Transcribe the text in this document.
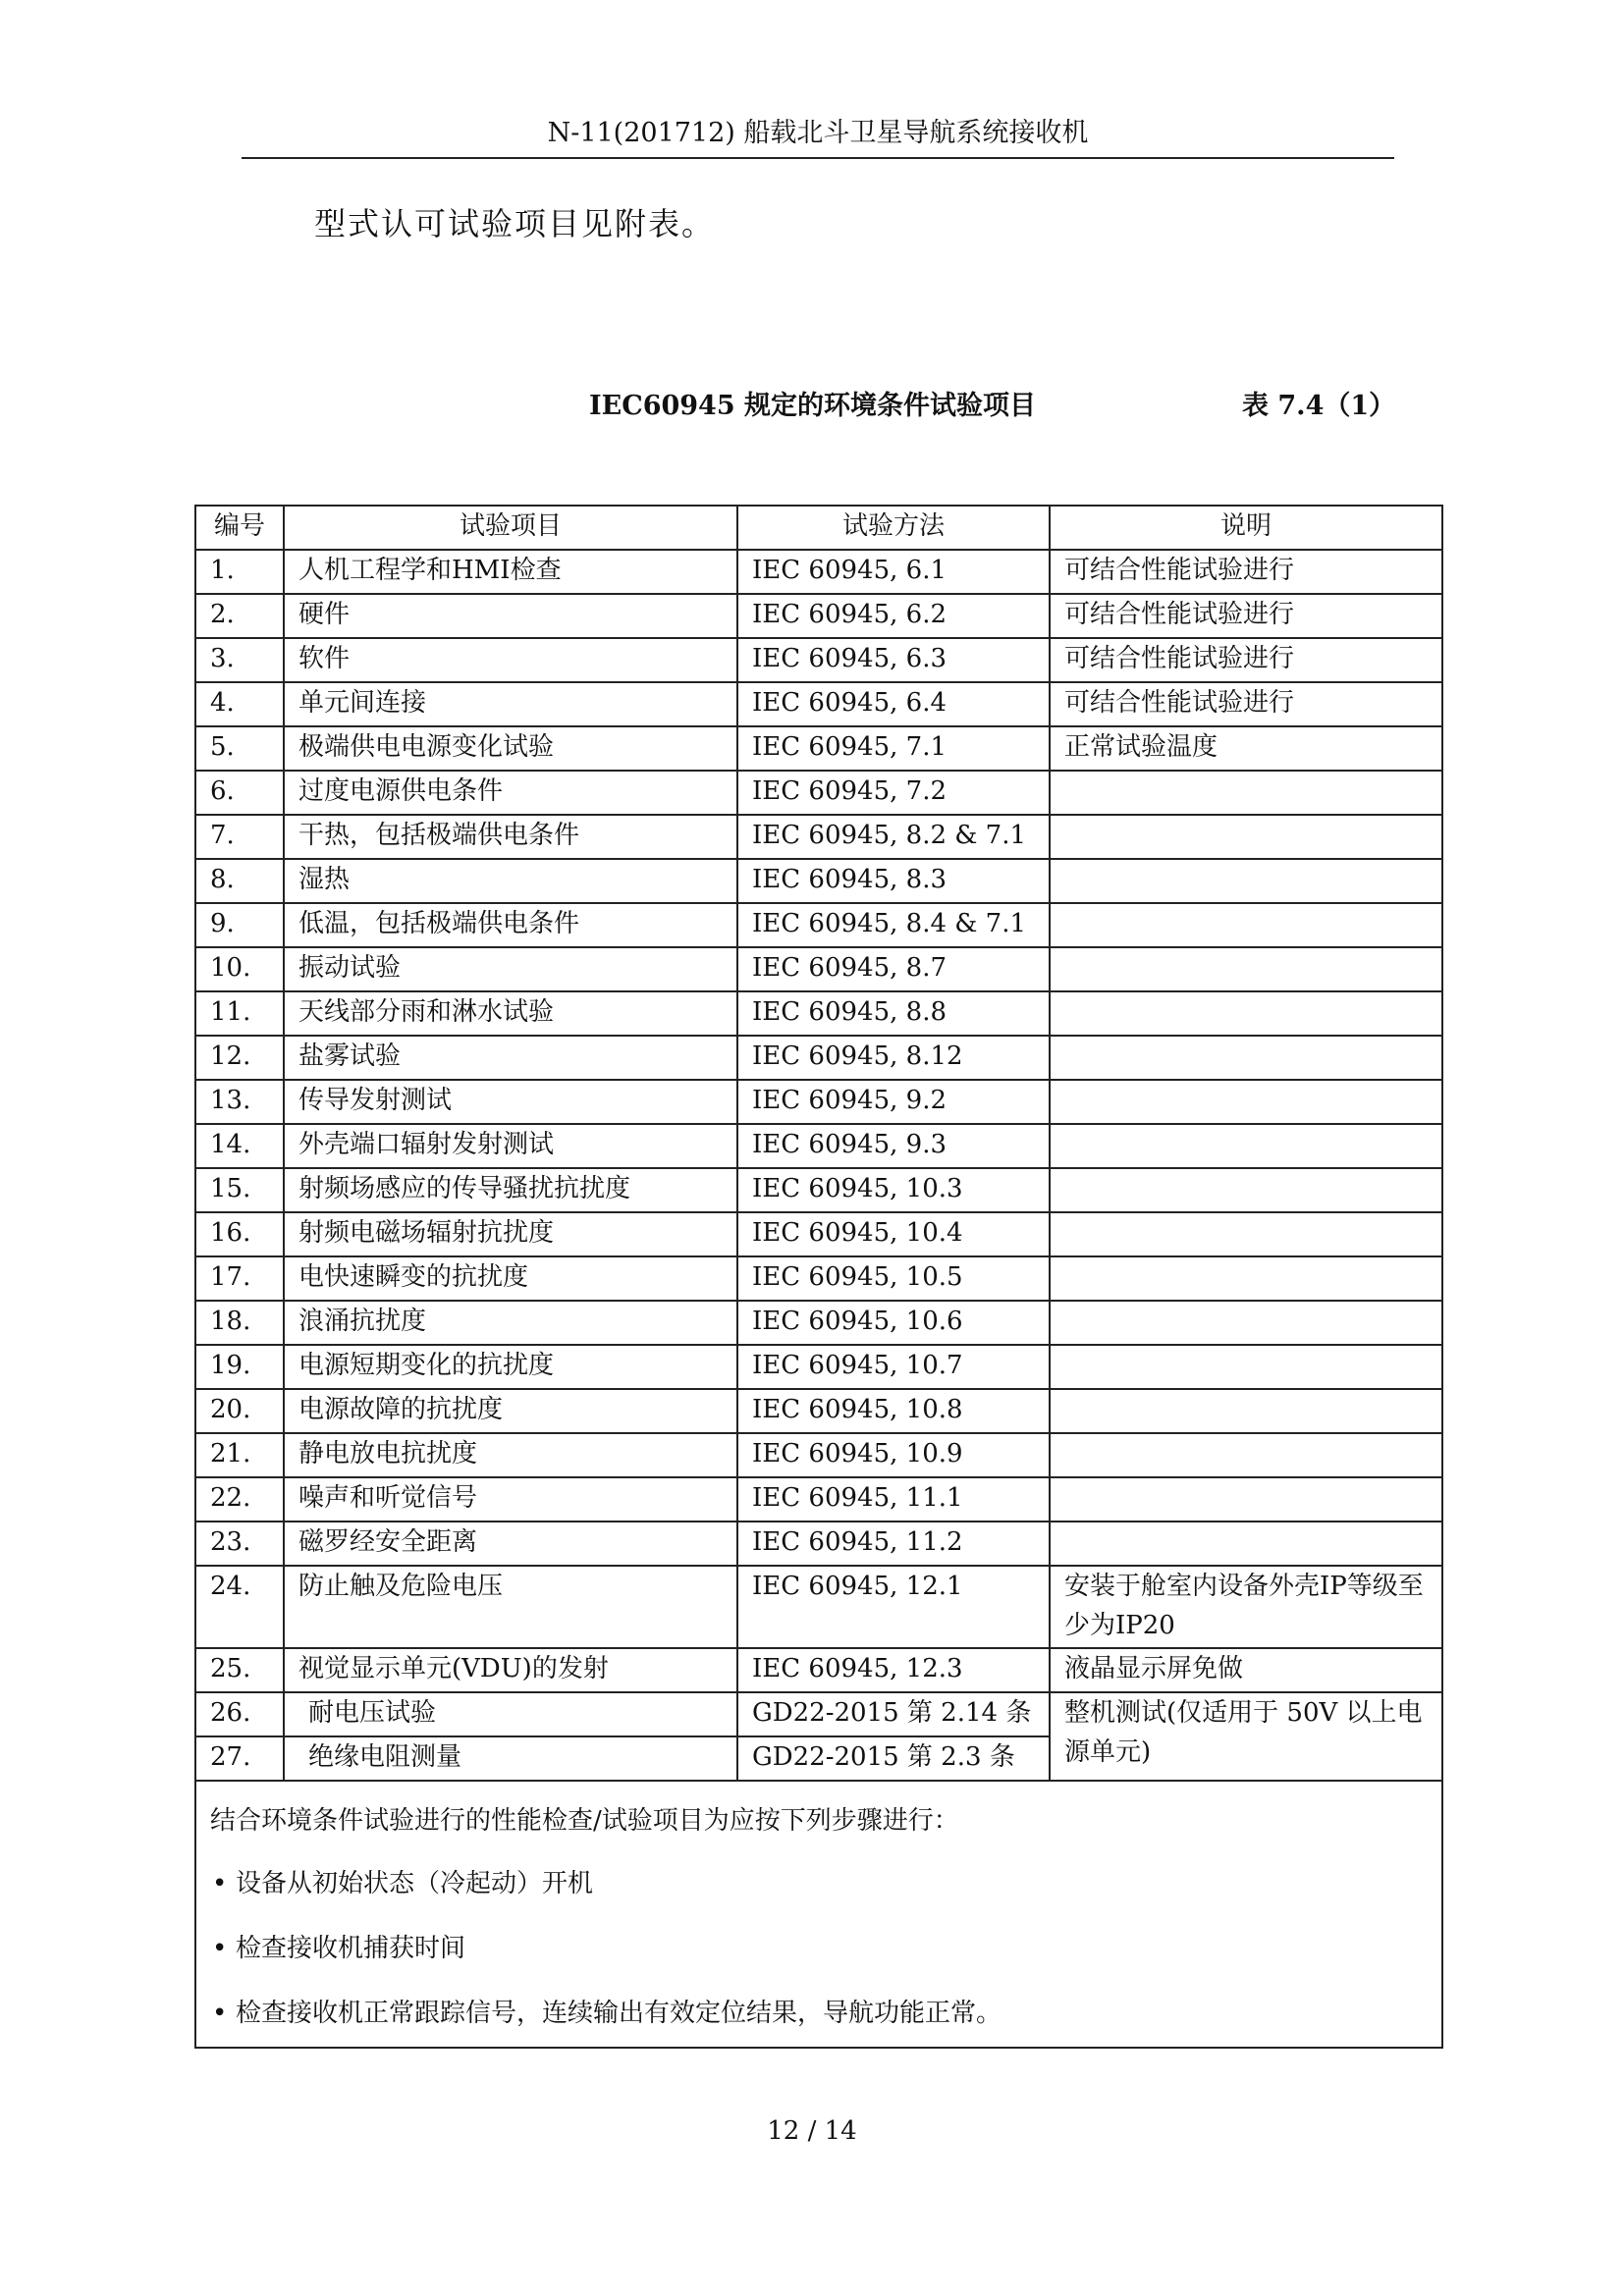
N-11(201712) 船载北斗卫星导航系统接收机
型式认可试验项目见附表。
IEC60945 规定的环境条件试验项目	表 7.4（1）
编号	试验项目	试验方法	说明
1.	人机工程学和HMI检查	IEC 60945, 6.1	可结合性能试验进行
2.	硬件	IEC 60945, 6.2	可结合性能试验进行
3.	软件	IEC 60945, 6.3	可结合性能试验进行
4.	单元间连接	IEC 60945, 6.4	可结合性能试验进行
5.	极端供电电源变化试验	IEC 60945, 7.1	正常试验温度
6.	过度电源供电条件	IEC 60945, 7.2	
7.	干热，包括极端供电条件	IEC 60945, 8.2 & 7.1	
8.	湿热	IEC 60945, 8.3	
9.	低温，包括极端供电条件	IEC 60945, 8.4 & 7.1	
10.	振动试验	IEC 60945, 8.7	
11.	天线部分雨和淋水试验	IEC 60945, 8.8	
12.	盐雾试验	IEC 60945, 8.12	
13.	传导发射测试	IEC 60945, 9.2	
14.	外壳端口辐射发射测试	IEC 60945, 9.3	
15.	射频场感应的传导骚扰抗扰度	IEC 60945, 10.3	
16.	射频电磁场辐射抗扰度	IEC 60945, 10.4	
17.	电快速瞬变的抗扰度	IEC 60945, 10.5	
18.	浪涌抗扰度	IEC 60945, 10.6	
19.	电源短期变化的抗扰度	IEC 60945, 10.7	
20.	电源故障的抗扰度	IEC 60945, 10.8	
21.	静电放电抗扰度	IEC 60945, 10.9	
22.	噪声和听觉信号	IEC 60945, 11.1	
23.	磁罗经安全距离	IEC 60945, 11.2	
24.	防止触及危险电压	IEC 60945, 12.1	安装于舱室内设备外壳IP等级至少为IP20
25.	视觉显示单元(VDU)的发射	IEC 60945, 12.3	液晶显示屏免做
26.	耐电压试验	GD22-2015 第 2.14 条	整机测试(仅适用于 50V 以上电源单元)
27.	绝缘电阻测量	GD22-2015 第 2.3 条	

结合环境条件试验进行的性能检查/试验项目为应按下列步骤进行：
• 设备从初始状态（冷起动）开机
• 检查接收机捕获时间
• 检查接收机正常跟踪信号，连续输出有效定位结果，导航功能正常。			
12 / 14
